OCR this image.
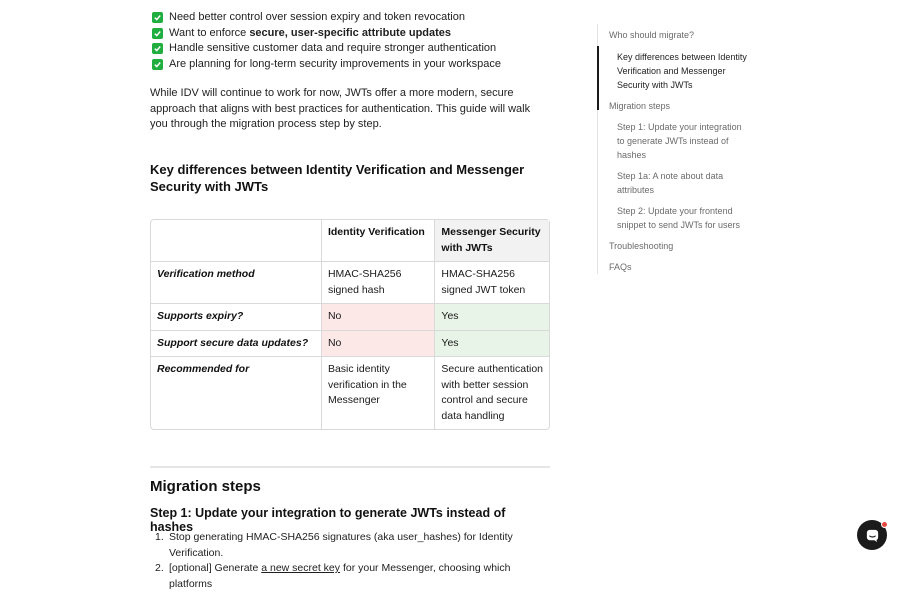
Need better control over session expiry and token revocation
Want to enforce secure, user-specific attribute updates
Handle sensitive customer data and require stronger authentication
Are planning for long-term security improvements in your workspace

While IDV will continue to work for now, JWTs offer a more modern, secure approach that aligns with best practices for authentication. This guide will walk you through the migration process step by step.

Key differences between Identity Verification and Messenger Security with JWTs
	Identity Verification	Messenger Security with JWTs
Verification method	HMAC-SHA256 signed hash	HMAC-SHA256 signed JWT token
Supports expiry?	No	Yes
Support secure data updates?	No	Yes
Recommended for	Basic identity verification in the Messenger	Secure authentication with better session control and secure data handling
Migration steps
Step 1: Update your integration to generate JWTs instead of hashes
1. Stop generating HMAC-SHA256 signatures (aka user_hashes) for Identity Verification.
2. [optional] Generate a new secret key for your Messenger, choosing which platforms
Who should migrate?
Key differences between Identity Verification and Messenger Security with JWTs
Migration steps
Step 1: Update your integration to generate JWTs instead of hashes
Step 1a: A note about data attributes
Step 2: Update your frontend snippet to send JWTs for users
Troubleshooting
FAQs
